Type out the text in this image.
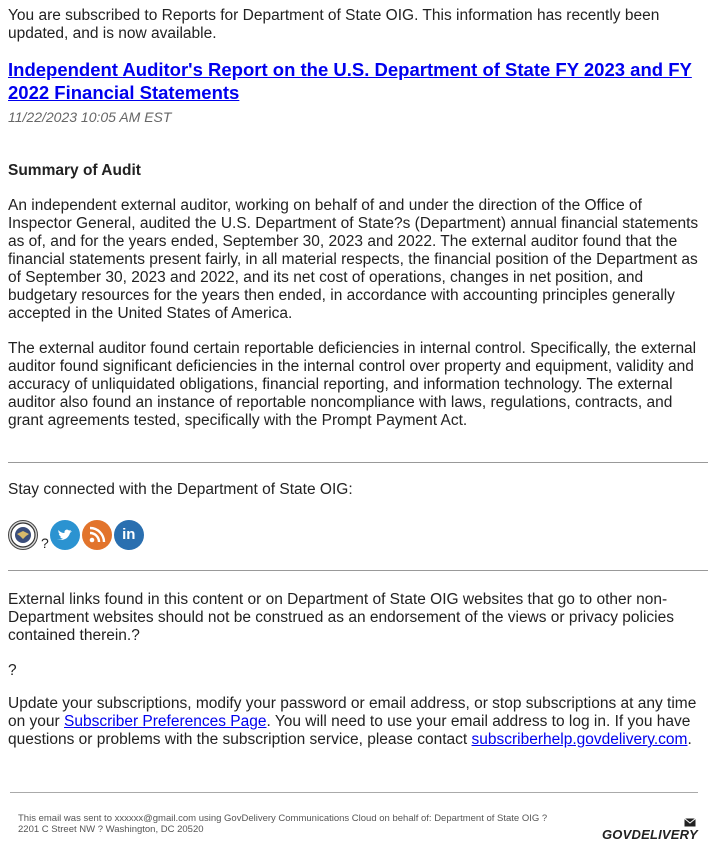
You are subscribed to Reports for Department of State OIG. This information has recently been updated, and is now available.

Independent Auditor's Report on the U.S. Department of State FY 2023 and FY 2022 Financial Statements
11/22/2023 10:05 AM EST
Summary of Audit

An independent external auditor, working on behalf of and under the direction of the Office of Inspector General, audited the U.S. Department of State?s (Department) annual financial statements as of, and for the years ended, September 30, 2023 and 2022. The external auditor found that the financial statements present fairly, in all material respects, the financial position of the Department as of September 30, 2023 and 2022, and its net cost of operations, changes in net position, and budgetary resources for the years then ended, in accordance with accounting principles generally accepted in the United States of America.

The external auditor found certain reportable deficiencies in internal control. Specifically, the external auditor found significant deficiencies in the internal control over property and equipment, validity and accuracy of unliquidated obligations, financial reporting, and information technology. The external auditor also found an instance of reportable noncompliance with laws, regulations, contracts, and grant agreements tested, specifically with the Prompt Payment Act.

Stay connected with the Department of State OIG:
?	in
External links found in this content or on Department of State OIG websites that go to other non-Department websites should not be construed as an endorsement of the views or privacy policies contained therein.?
?
Update your subscriptions, modify your password or email address, or stop subscriptions at any time on your Subscriber Preferences Page. You will need to use your email address to log in. If you have questions or problems with the subscription service, please contact subscriberhelp.govdelivery.com.
This email was sent to xxxxxx@gmail.com using GovDelivery Communications Cloud on behalf of: Department of State OIG ?
2201 C Street NW ? Washington, DC 20520	GOVDELIVERY
